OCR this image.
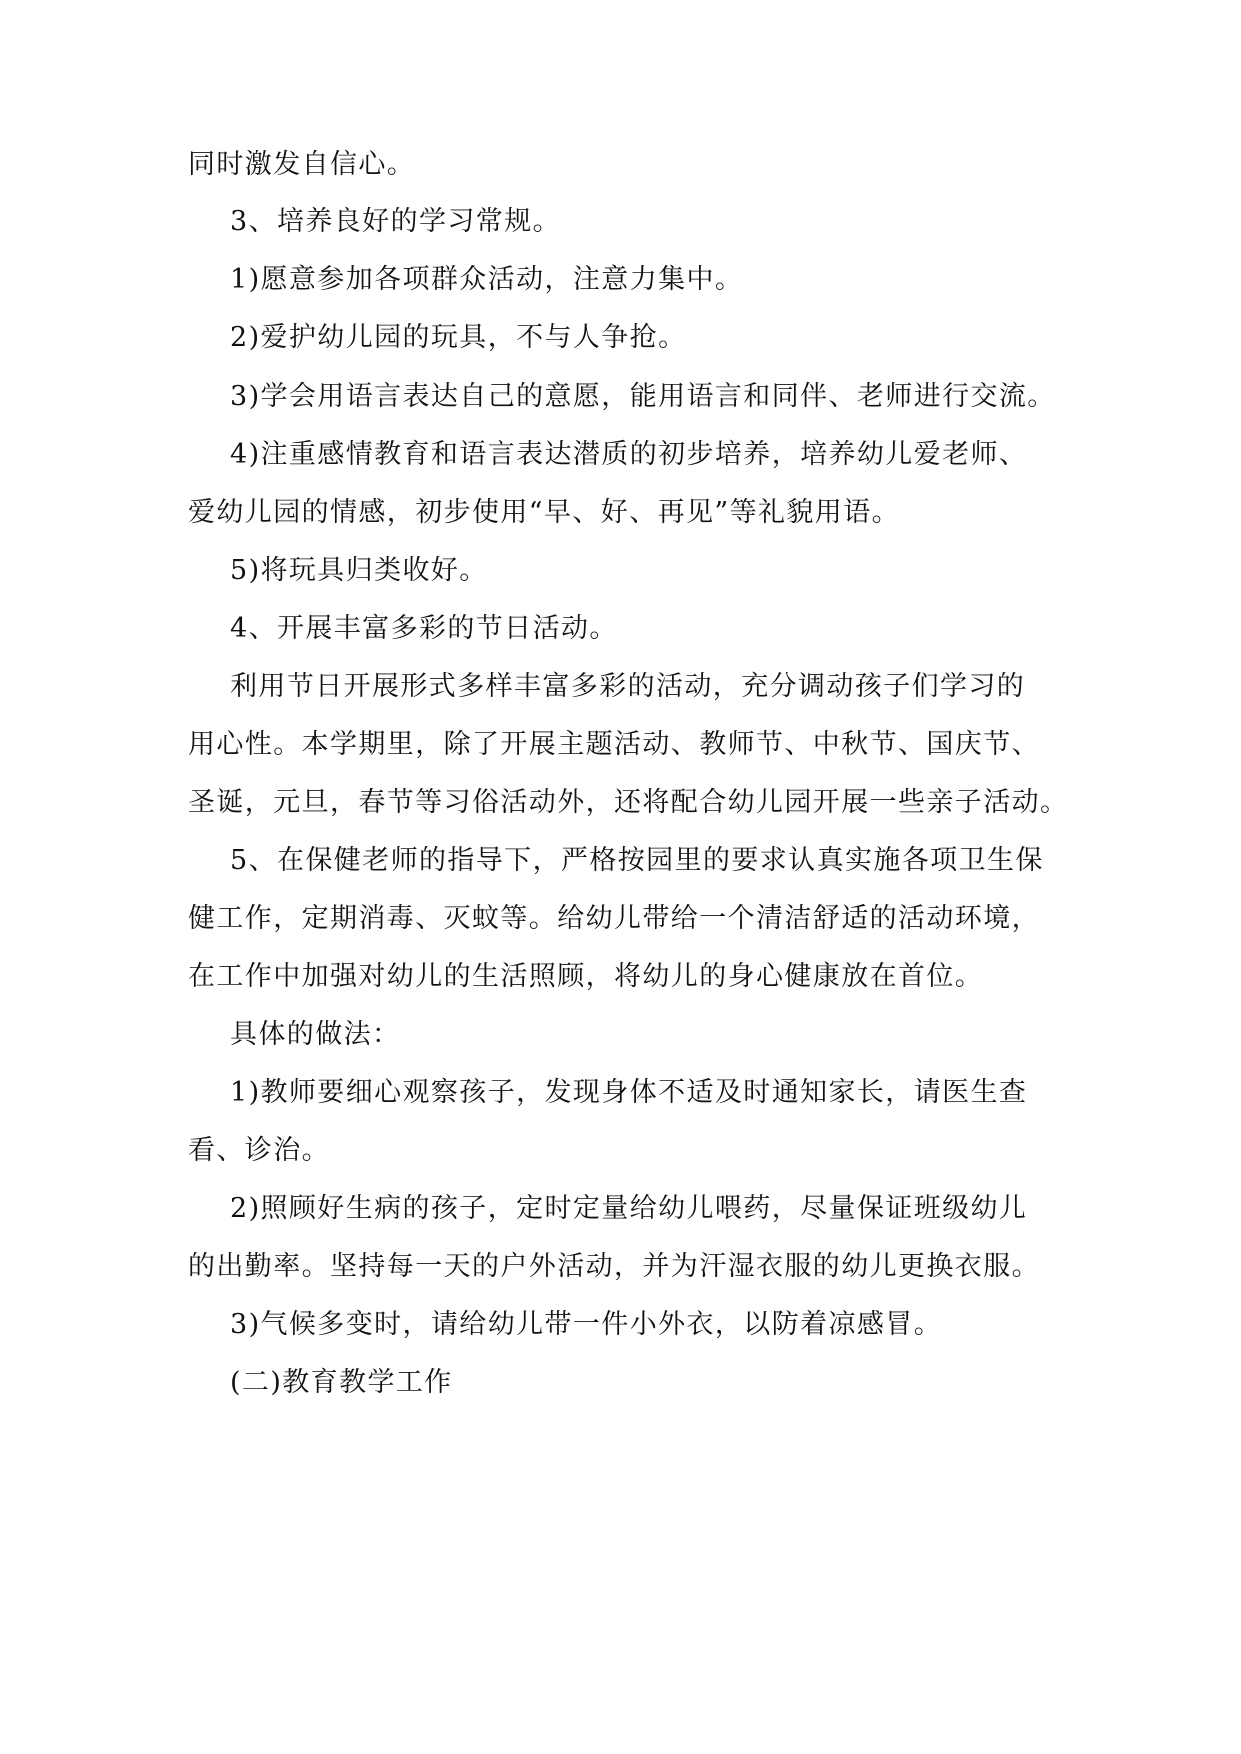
同时激发自信心。
3、培养良好的学习常规。
1)愿意参加各项群众活动，注意力集中。
2)爱护幼儿园的玩具，不与人争抢。
3)学会用语言表达自己的意愿，能用语言和同伴、老师进行交流。
4)注重感情教育和语言表达潜质的初步培养，培养幼儿爱老师、
爱幼儿园的情感，初步使用“早、好、再见”等礼貌用语。
5)将玩具归类收好。
4、开展丰富多彩的节日活动。
利用节日开展形式多样丰富多彩的活动，充分调动孩子们学习的
用心性。本学期里，除了开展主题活动、教师节、中秋节、国庆节、
圣诞，元旦，春节等习俗活动外，还将配合幼儿园开展一些亲子活动。
5、在保健老师的指导下，严格按园里的要求认真实施各项卫生保
健工作，定期消毒、灭蚊等。给幼儿带给一个清洁舒适的活动环境，
在工作中加强对幼儿的生活照顾，将幼儿的身心健康放在首位。
具体的做法：
1)教师要细心观察孩子，发现身体不适及时通知家长，请医生查
看、诊治。
2)照顾好生病的孩子，定时定量给幼儿喂药，尽量保证班级幼儿
的出勤率。坚持每一天的户外活动，并为汗湿衣服的幼儿更换衣服。
3)气候多变时，请给幼儿带一件小外衣，以防着凉感冒。
(二)教育教学工作
